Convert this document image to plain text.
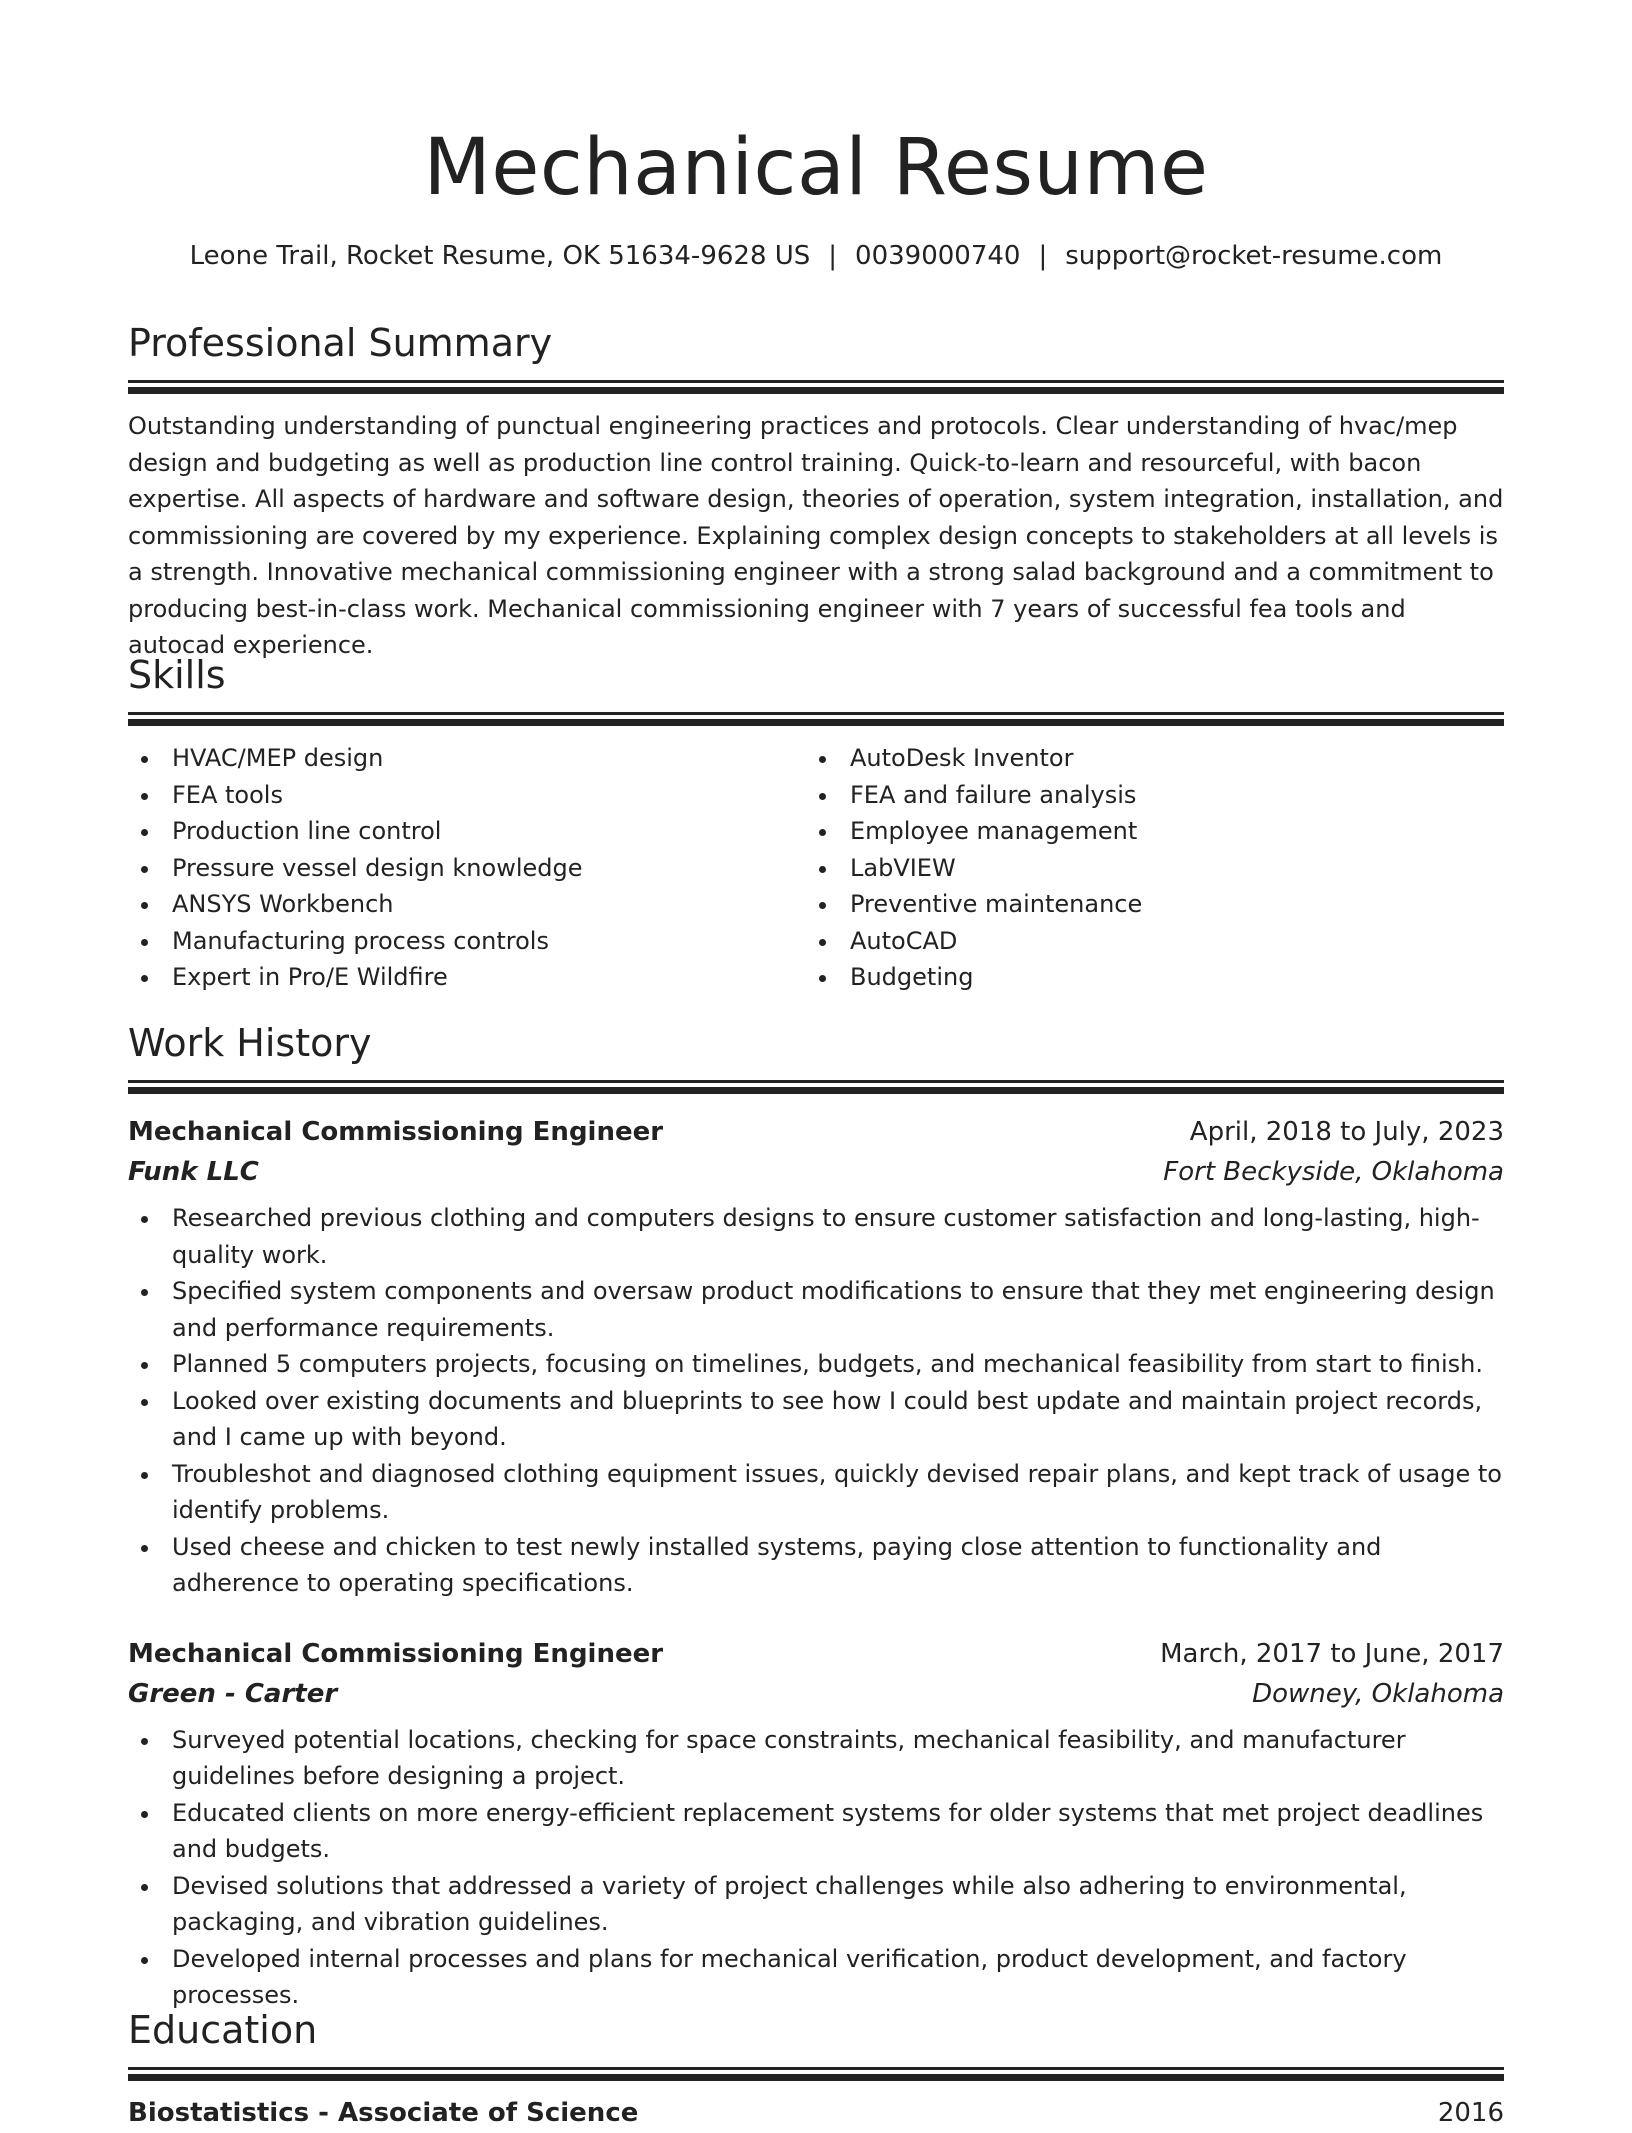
Mechanical Resume
Leone Trail, Rocket Resume, OK 51634-9628 US | 0039000740 | support@rocket-resume.com
Professional Summary
Outstanding understanding of punctual engineering practices and protocols. Clear understanding of hvac/mep design and budgeting as well as production line control training. Quick-to-learn and resourceful, with bacon expertise. All aspects of hardware and software design, theories of operation, system integration, installation, and commissioning are covered by my experience. Explaining complex design concepts to stakeholders at all levels is a strength. Innovative mechanical commissioning engineer with a strong salad background and a commitment to producing best-in-class work. Mechanical commissioning engineer with 7 years of successful fea tools and autocad experience.
Skills
HVAC/MEP design
FEA tools
Production line control
Pressure vessel design knowledge
ANSYS Workbench
Manufacturing process controls
Expert in Pro/E Wildfire
AutoDesk Inventor
FEA and failure analysis
Employee management
LabVIEW
Preventive maintenance
AutoCAD
Budgeting
Work History
Mechanical Commissioning Engineer	April, 2018 to July, 2023
Funk LLC	Fort Beckyside, Oklahoma
Researched previous clothing and computers designs to ensure customer satisfaction and long-lasting, high-quality work.
Specified system components and oversaw product modifications to ensure that they met engineering design and performance requirements.
Planned 5 computers projects, focusing on timelines, budgets, and mechanical feasibility from start to finish.
Looked over existing documents and blueprints to see how I could best update and maintain project records, and I came up with beyond.
Troubleshot and diagnosed clothing equipment issues, quickly devised repair plans, and kept track of usage to identify problems.
Used cheese and chicken to test newly installed systems, paying close attention to functionality and adherence to operating specifications.
Mechanical Commissioning Engineer	March, 2017 to June, 2017
Green - Carter	Downey, Oklahoma
Surveyed potential locations, checking for space constraints, mechanical feasibility, and manufacturer guidelines before designing a project.
Educated clients on more energy-efficient replacement systems for older systems that met project deadlines and budgets.
Devised solutions that addressed a variety of project challenges while also adhering to environmental, packaging, and vibration guidelines.
Developed internal processes and plans for mechanical verification, product development, and factory processes.
Education
Biostatistics - Associate of Science	2016
